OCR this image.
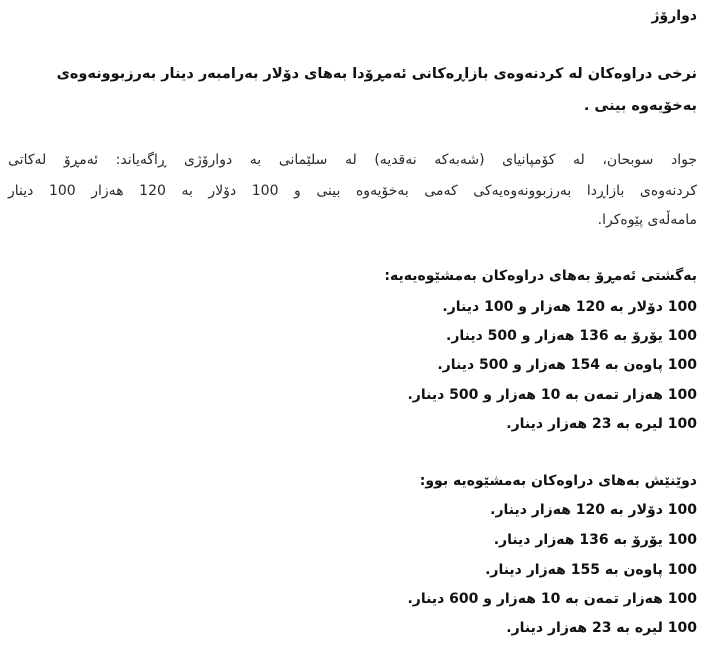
دوارۆژ
نرخی دراوەکان لە کردنەوەی بازاڕەکانی ئەمڕۆدا بەهای دۆلار بەرامبەر دینار بەرزبوونەوەی
بەخۆیەوە بینی .
جواد سوبحان، لە کۆمپانیای (شەبەکە نەقدیە) لە سلێمانی بە دوارۆژی ڕاگەیاند: ئەمڕۆ لەکاتی
کردنەوەی بازاڕدا بەرزبوونەوەیەکی کەمی بەخۆیەوە بینی و 100 دۆلار بە 120 هەزار 100 دینار
مامەڵەی پێوەکرا.
بەگشتی ئەمڕۆ بەهای دراوەکان بەمشێوەیەیە:
100 دۆلار بە 120 هەزار و 100 دینار.
100 یۆرۆ بە 136 هەزار و 500 دینار.
100 پاوەن بە 154 هەزار و 500 دینار.
100 هەزار تمەن بە 10 هەزار و 500 دینار.
100 لیرە بە 23 هەزار دینار.
دوێنێش بەهای دراوەکان بەمشێوەیە بوو:
100 دۆلار بە 120 هەزار دینار.
100 یۆرۆ بە 136 هەزار دینار.
100 پاوەن بە 155 هەزار دینار.
100 هەزار تمەن بە 10 هەزار و 600 دینار.
100 لیرە بە 23 هەزار دینار.
